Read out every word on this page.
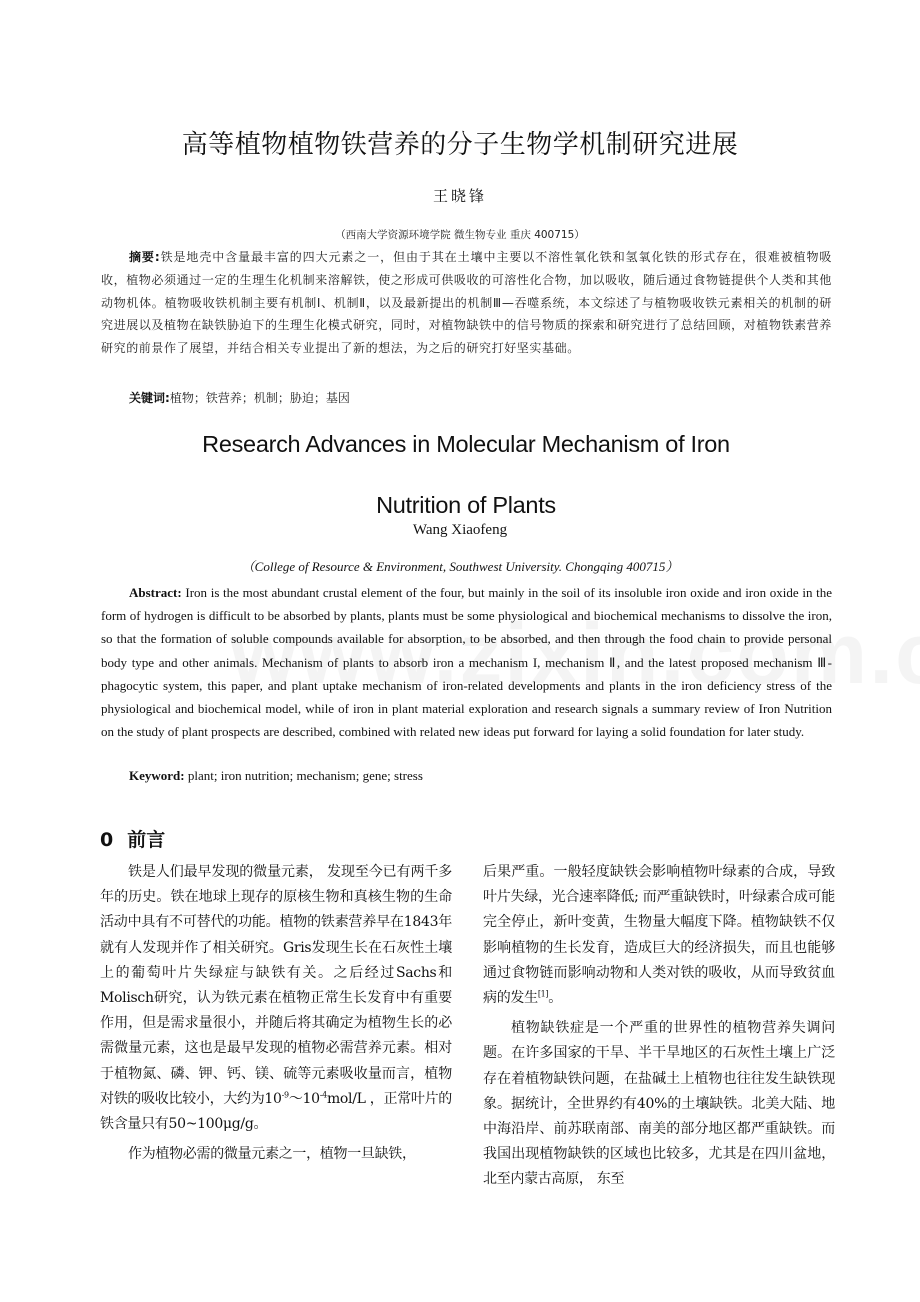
高等植物植物铁营养的分子生物学机制研究进展
王晓锋
（西南大学资源环境学院 微生物专业 重庆 400715）
摘要:铁是地壳中含量最丰富的四大元素之一，但由于其在土壤中主要以不溶性氧化铁和氢氧化铁的形式存在，很难被植物吸收，植物必须通过一定的生理生化机制来溶解铁，使之形成可供吸收的可溶性化合物，加以吸收，随后通过食物链提供个人类和其他动物机体。植物吸收铁机制主要有机制Ⅰ、机制Ⅱ，以及最新提出的机制Ⅲ—吞噬系统，本文综述了与植物吸收铁元素相关的机制的研究进展以及植物在缺铁胁迫下的生理生化模式研究，同时，对植物缺铁中的信号物质的探索和研究进行了总结回顾，对植物铁素营养研究的前景作了展望，并结合相关专业提出了新的想法，为之后的研究打好坚实基础。
关键词:植物；铁营养；机制；胁迫；基因
Research Advances in Molecular Mechanism of Iron
Nutrition of Plants
Wang Xiaofeng
（College of Resource & Environment, Southwest University. Chongqing 400715）
Abstract: Iron is the most abundant crustal element of the four, but mainly in the soil of its insoluble iron oxide and iron oxide in the form of hydrogen is difficult to be absorbed by plants, plants must be some physiological and biochemical mechanisms to dissolve the iron, so that the formation of soluble compounds available for absorption, to be absorbed, and then through the food chain to provide personal body type and other animals. Mechanism of plants to absorb iron a mechanism I, mechanism Ⅱ, and the latest proposed mechanism Ⅲ- phagocytic system, this paper, and plant uptake mechanism of iron-related developments and plants in the iron deficiency stress of the physiological and biochemical model, while of iron in plant material exploration and research signals a summary review of Iron Nutrition on the study of plant prospects are described, combined with related new ideas put forward for laying a solid foundation for later study.
Keyword: plant; iron nutrition; mechanism; gene; stress
0 前言

铁是人们最早发现的微量元素， 发现至今已有两千多年的历史。铁在地球上现存的原核生物和真核生物的生命活动中具有不可替代的功能。植物的铁素营养早在1843年就有人发现并作了相关研究。Gris发现生长在石灰性土壤上的葡萄叶片失绿症与缺铁有关。之后经过Sachs和Molisch研究，认为铁元素在植物正常生长发育中有重要作用，但是需求量很小，并随后将其确定为植物生长的必需微量元素，这也是最早发现的植物必需营养元素。相对于植物氮、磷、钾、钙、镁、硫等元素吸收量而言，植物对铁的吸收比较小，大约为$10^{-9}\sim 10^{-4}mol/L$ ，正常叶片的铁含量只有50~100μg/g。

作为植物必需的微量元素之一，植物一旦缺铁，

后果严重。一般轻度缺铁会影响植物叶绿素的合成，导致叶片失绿，光合速率降低; 而严重缺铁时，叶绿素合成可能完全停止，新叶变黄，生物量大幅度下降。植物缺铁不仅影响植物的生长发育，造成巨大的经济损失，而且也能够通过食物链而影响动物和人类对铁的吸收，从而导致贫血病的发生[1]。

植物缺铁症是一个严重的世界性的植物营养失调问题。在许多国家的干旱、半干旱地区的石灰性土壤上广泛存在着植物缺铁问题，在盐碱土上植物也往往发生缺铁现象。据统计，全世界约有40%的土壤缺铁。北美大陆、地中海沿岸、前苏联南部、南美的部分地区都严重缺铁。而我国出现植物缺铁的区域也比较多，尤其是在四川盆地，北至内蒙古高原， 东至
